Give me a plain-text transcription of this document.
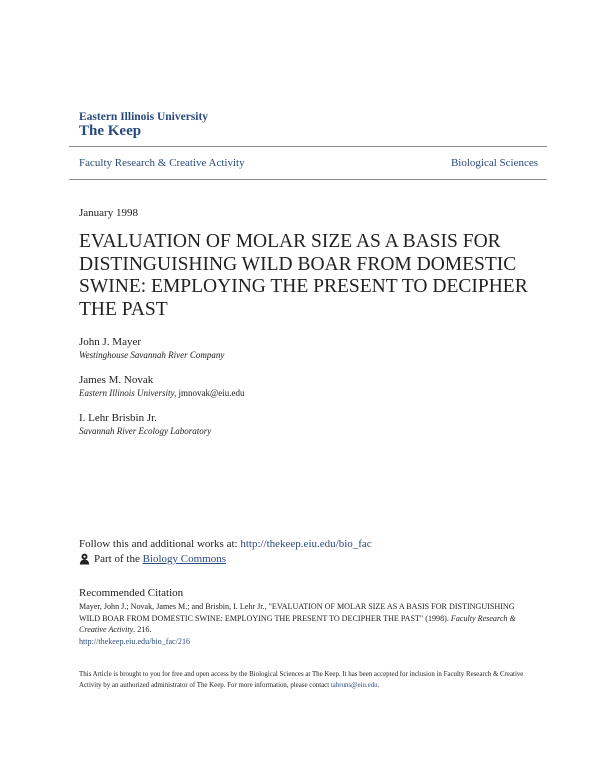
Eastern Illinois University
The Keep
Faculty Research & Creative Activity	Biological Sciences
January 1998
EVALUATION OF MOLAR SIZE AS A BASIS FOR DISTINGUISHING WILD BOAR FROM DOMESTIC SWINE: EMPLOYING THE PRESENT TO DECIPHER THE PAST
John J. Mayer
Westinghouse Savannah River Company
James M. Novak
Eastern Illinois University, jmnovak@eiu.edu
I. Lehr Brisbin Jr.
Savannah River Ecology Laboratory
Follow this and additional works at: http://thekeep.eiu.edu/bio_fac
Part of the
Biology Commons
Recommended Citation
Mayer, John J.; Novak, James M.; and Brisbin, I. Lehr Jr., "EVALUATION OF MOLAR SIZE AS A BASIS FOR DISTINGUISHING WILD BOAR FROM DOMESTIC SWINE: EMPLOYING THE PRESENT TO DECIPHER THE PAST" (1998). Faculty Research & Creative Activity. 216.
http://thekeep.eiu.edu/bio_fac/216
This Article is brought to you for free and open access by the Biological Sciences at The Keep. It has been accepted for inclusion in Faculty Research & Creative Activity by an authorized administrator of The Keep. For more information, please contact tabruns@eiu.edu.
